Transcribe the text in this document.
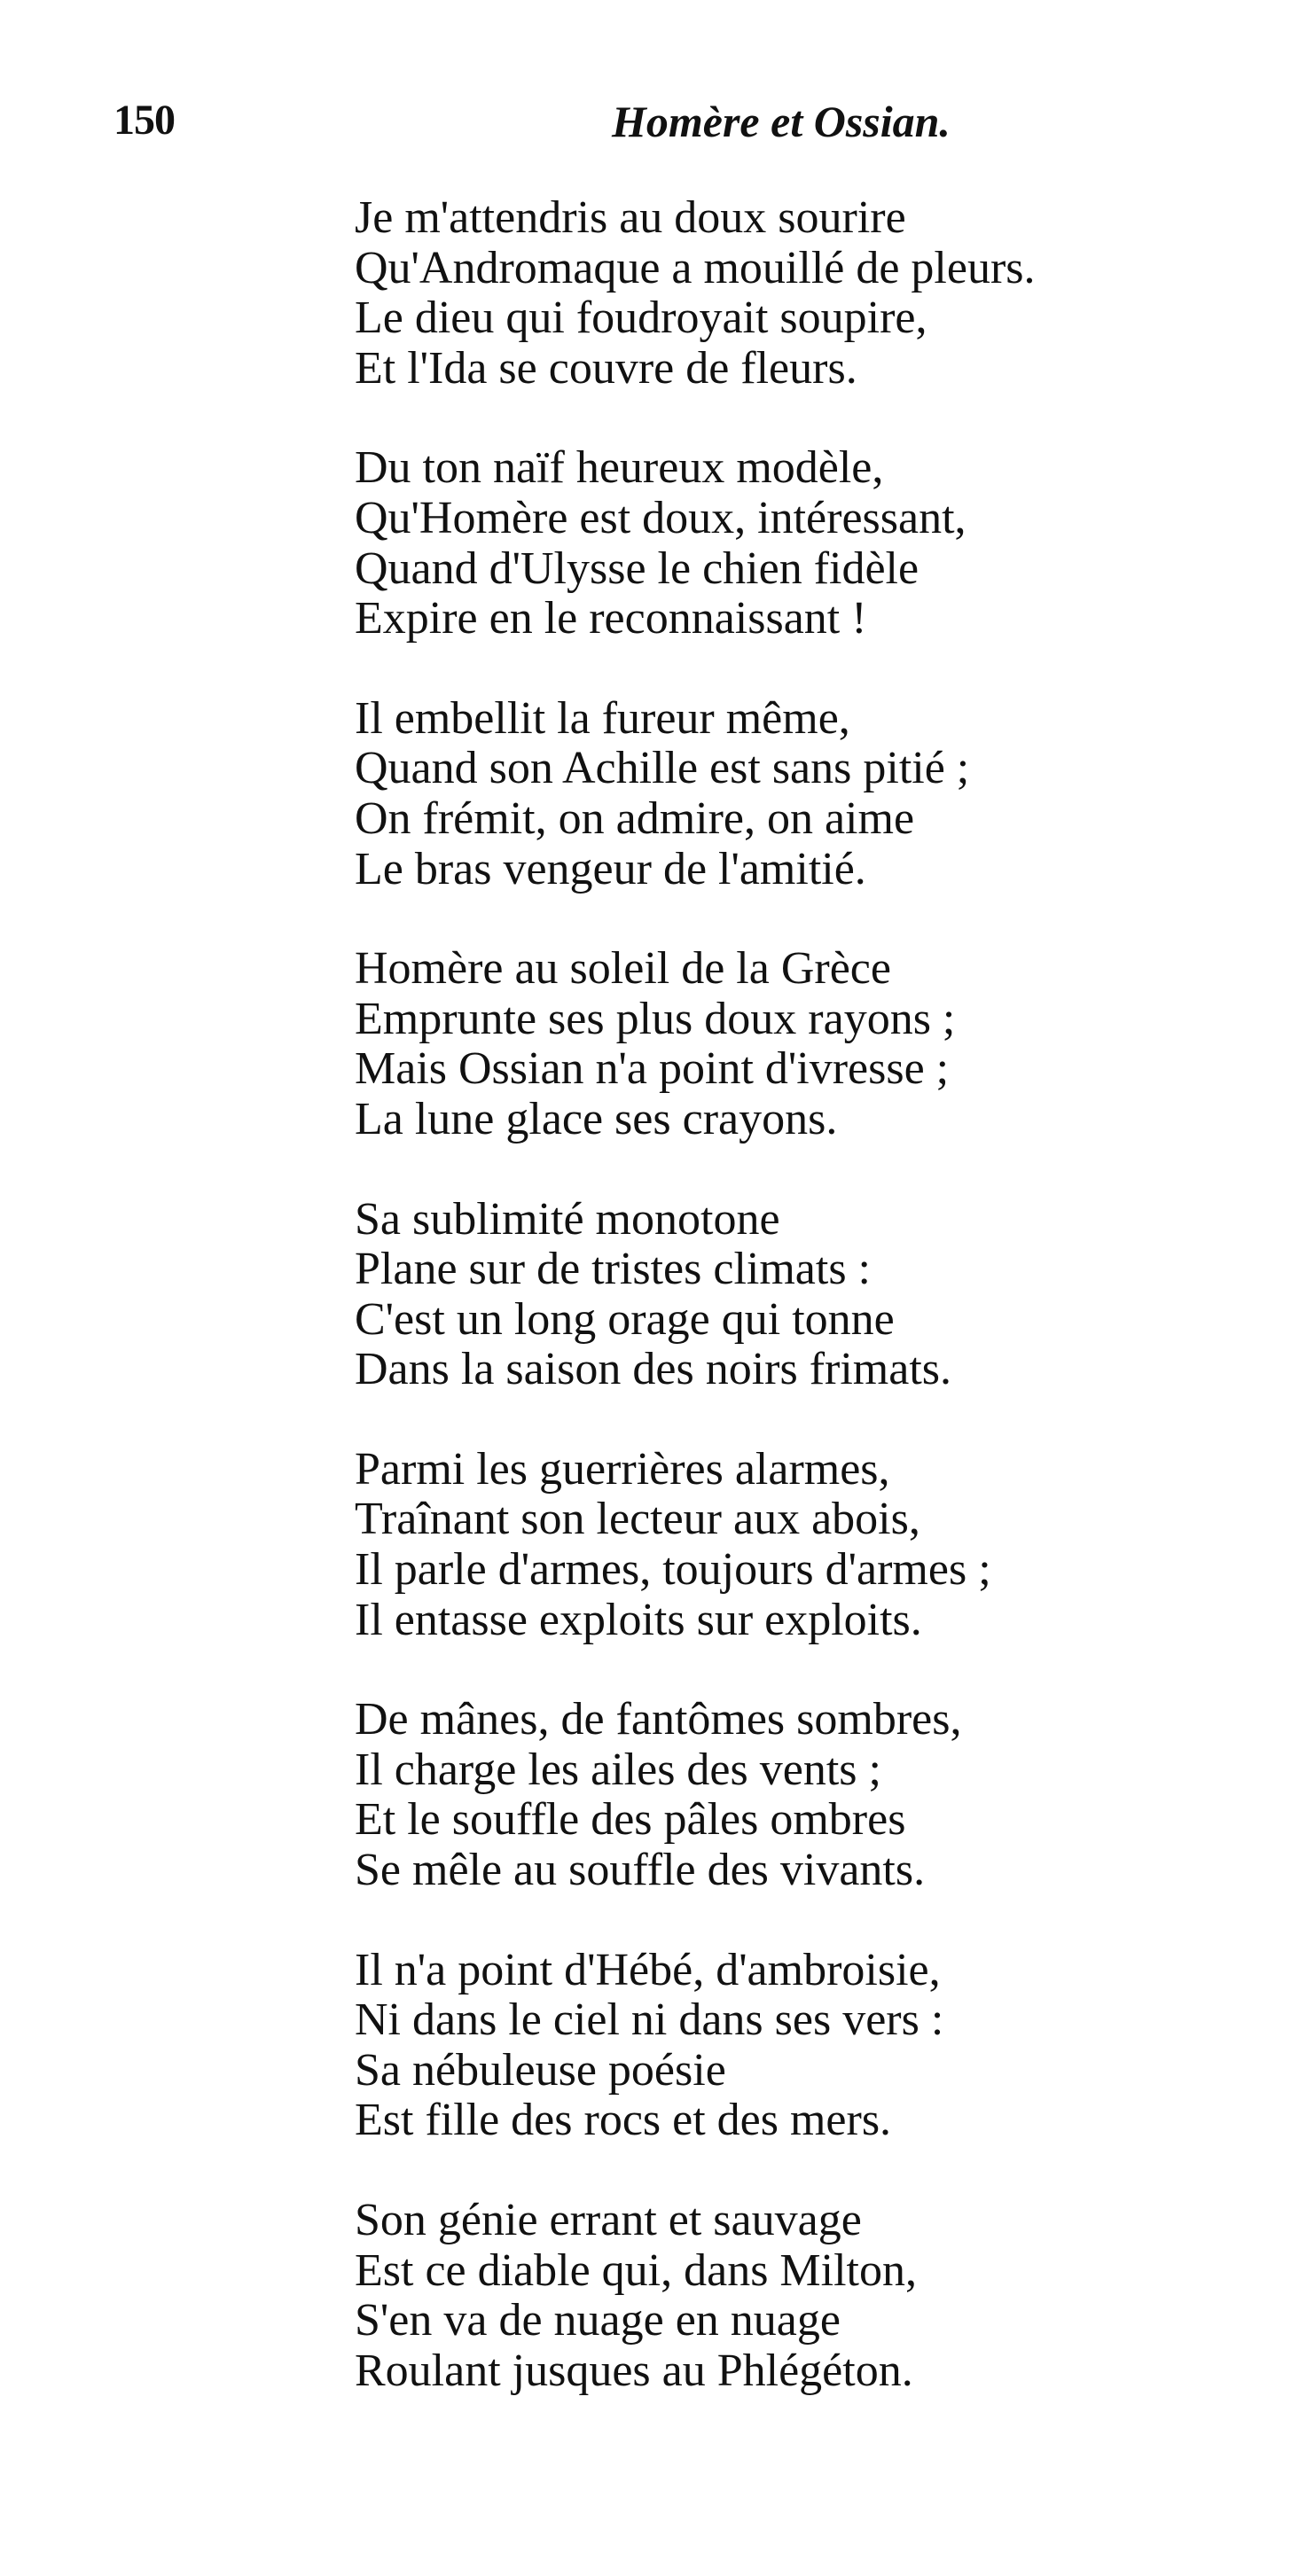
150	Homère et Ossian.
Je m'attendris au doux sourire
Qu'Andromaque a mouillé de pleurs.
Le dieu qui foudroyait soupire,
Et l'Ida se couvre de fleurs.
Du ton naïf heureux modèle,
Qu'Homère est doux, intéressant,
Quand d'Ulysse le chien fidèle
Expire en le reconnaissant !
Il embellit la fureur même,
Quand son Achille est sans pitié ;
On frémit, on admire, on aime
Le bras vengeur de l'amitié.
Homère au soleil de la Grèce
Emprunte ses plus doux rayons ;
Mais Ossian n'a point d'ivresse ;
La lune glace ses crayons.
Sa sublimité monotone
Plane sur de tristes climats :
C'est un long orage qui tonne
Dans la saison des noirs frimats.
Parmi les guerrières alarmes,
Traînant son lecteur aux abois,
Il parle d'armes, toujours d'armes ;
Il entasse exploits sur exploits.
De mânes, de fantômes sombres,
Il charge les ailes des vents ;
Et le souffle des pâles ombres
Se mêle au souffle des vivants.
Il n'a point d'Hébé, d'ambroisie,
Ni dans le ciel ni dans ses vers :
Sa nébuleuse poésie
Est fille des rocs et des mers.
Son génie errant et sauvage
Est ce diable qui, dans Milton,
S'en va de nuage en nuage
Roulant jusques au Phlégéton.
